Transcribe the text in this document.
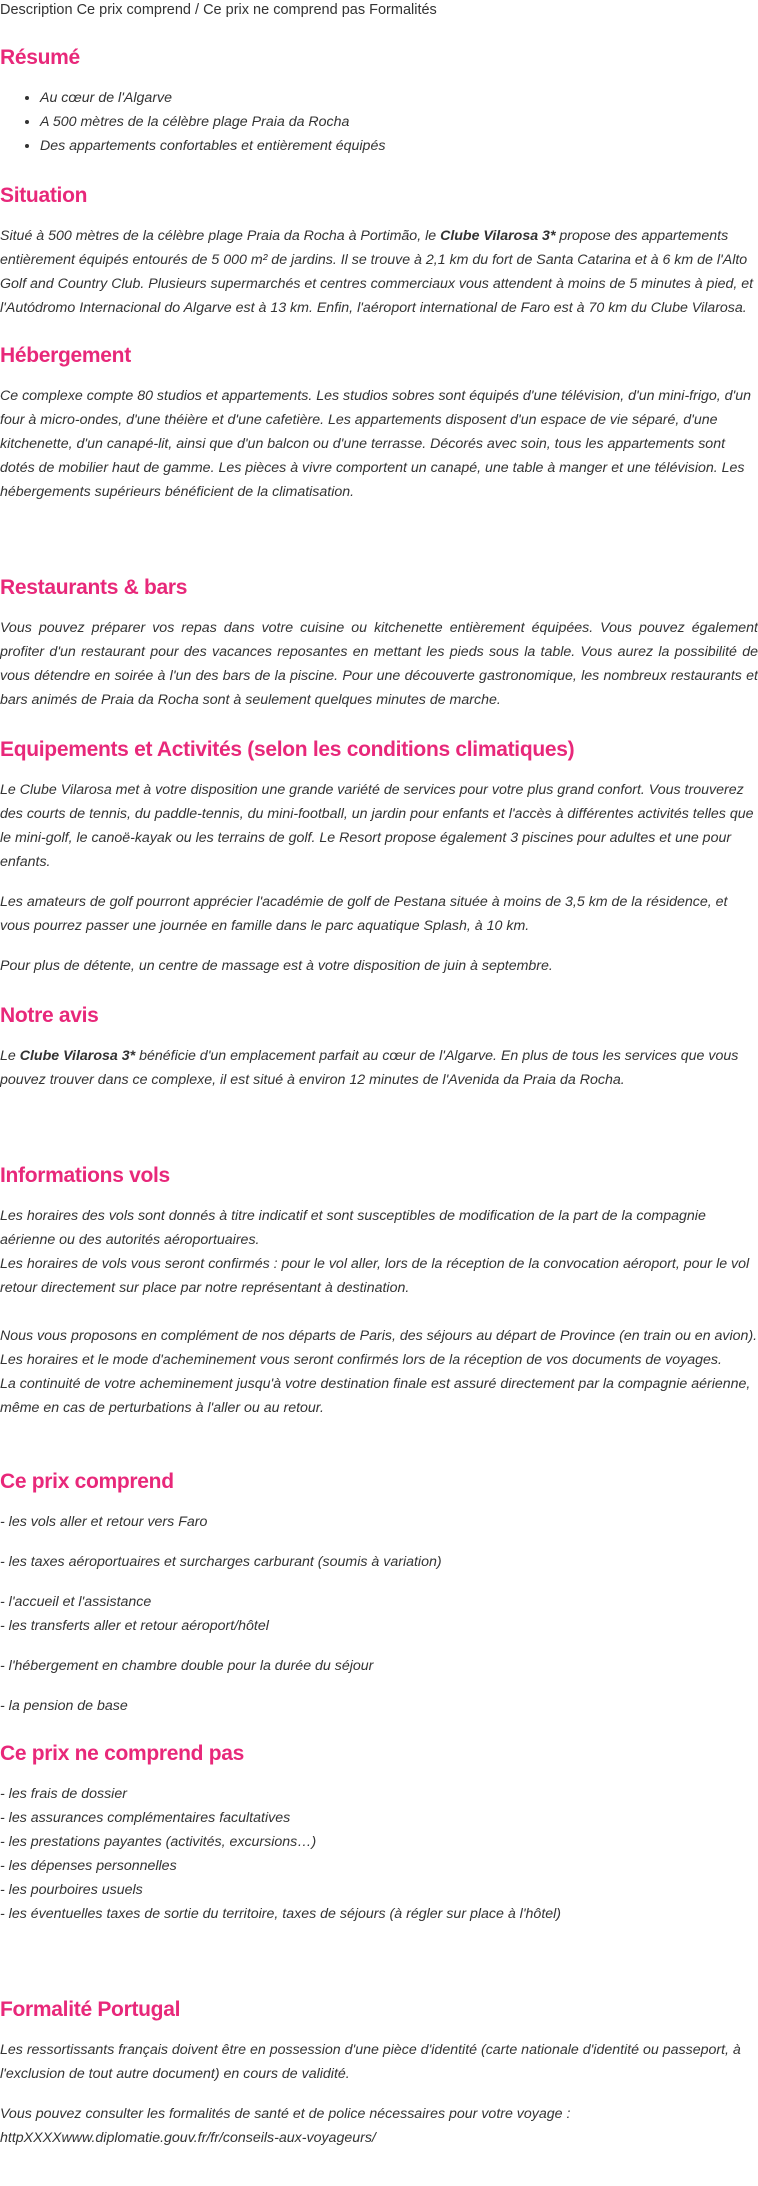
Description Ce prix comprend / Ce prix ne comprend pas Formalités
Résumé
• Au cœur de l'Algarve
• A 500 mètres de la célèbre plage Praia da Rocha
• Des appartements confortables et entièrement équipés
Situation

Situé à 500 mètres de la célèbre plage Praia da Rocha à Portimão, le Clube Vilarosa 3* propose des appartements entièrement équipés entourés de 5 000 m² de jardins. Il se trouve à 2,1 km du fort de Santa Catarina et à 6 km de l'Alto Golf and Country Club. Plusieurs supermarchés et centres commerciaux vous attendent à moins de 5 minutes à pied, et l'Autódromo Internacional do Algarve est à 13 km. Enfin, l'aéroport international de Faro est à 70 km du Clube Vilarosa.

Hébergement

Ce complexe compte 80 studios et appartements. Les studios sobres sont équipés d'une télévision, d'un mini-frigo, d'un four à micro-ondes, d'une théière et d'une cafetière. Les appartements disposent d'un espace de vie séparé, d'une kitchenette, d'un canapé-lit, ainsi que d'un balcon ou d'une terrasse. Décorés avec soin, tous les appartements sont dotés de mobilier haut de gamme. Les pièces à vivre comportent un canapé, une table à manger et une télévision. Les hébergements supérieurs bénéficient de la climatisation.

Restaurants & bars

Vous pouvez préparer vos repas dans votre cuisine ou kitchenette entièrement équipées. Vous pouvez également profiter d'un restaurant pour des vacances reposantes en mettant les pieds sous la table. Vous aurez la possibilité de vous détendre en soirée à l'un des bars de la piscine. Pour une découverte gastronomique, les nombreux restaurants et bars animés de Praia da Rocha sont à seulement quelques minutes de marche.

Equipements et Activités (selon les conditions climatiques)

Le Clube Vilarosa met à votre disposition une grande variété de services pour votre plus grand confort. Vous trouverez des courts de tennis, du paddle-tennis, du mini-football, un jardin pour enfants et l'accès à différentes activités telles que le mini-golf, le canoë-kayak ou les terrains de golf. Le Resort propose également 3 piscines pour adultes et une pour enfants.

Les amateurs de golf pourront apprécier l'académie de golf de Pestana située à moins de 3,5 km de la résidence, et vous pourrez passer une journée en famille dans le parc aquatique Splash, à 10 km.

Pour plus de détente, un centre de massage est à votre disposition de juin à septembre.

Notre avis

Le Clube Vilarosa 3* bénéficie d'un emplacement parfait au cœur de l'Algarve. En plus de tous les services que vous pouvez trouver dans ce complexe, il est situé à environ 12 minutes de l'Avenida da Praia da Rocha.

Informations vols

Les horaires des vols sont donnés à titre indicatif et sont susceptibles de modification de la part de la compagnie aérienne ou des autorités aéroportuaires.

Les horaires de vols vous seront confirmés : pour le vol aller, lors de la réception de la convocation aéroport, pour le vol retour directement sur place par notre représentant à destination.

Nous vous proposons en complément de nos départs de Paris, des séjours au départ de Province (en train ou en avion).

Les horaires et le mode d'acheminement vous seront confirmés lors de la réception de vos documents de voyages.

La continuité de votre acheminement jusqu'à votre destination finale est assuré directement par la compagnie aérienne, même en cas de perturbations à l'aller ou au retour.

Ce prix comprend

- les vols aller et retour vers Faro

- les taxes aéroportuaires et surcharges carburant (soumis à variation)

- l'accueil et l'assistance

- les transferts aller et retour aéroport/hôtel

- l'hébergement en chambre double pour la durée du séjour

- la pension de base

Ce prix ne comprend pas

- les frais de dossier

- les assurances complémentaires facultatives

- les prestations payantes (activités, excursions…)

- les dépenses personnelles

- les pourboires usuels

- les éventuelles taxes de sortie du territoire, taxes de séjours (à régler sur place à l'hôtel)

Formalité Portugal

Les ressortissants français doivent être en possession d'une pièce d'identité (carte nationale d'identité ou passeport, à l'exclusion de tout autre document) en cours de validité.

Vous pouvez consulter les formalités de santé et de police nécessaires pour votre voyage :

httpXXXXwww.diplomatie.gouv.fr/fr/conseils-aux-voyageurs/
